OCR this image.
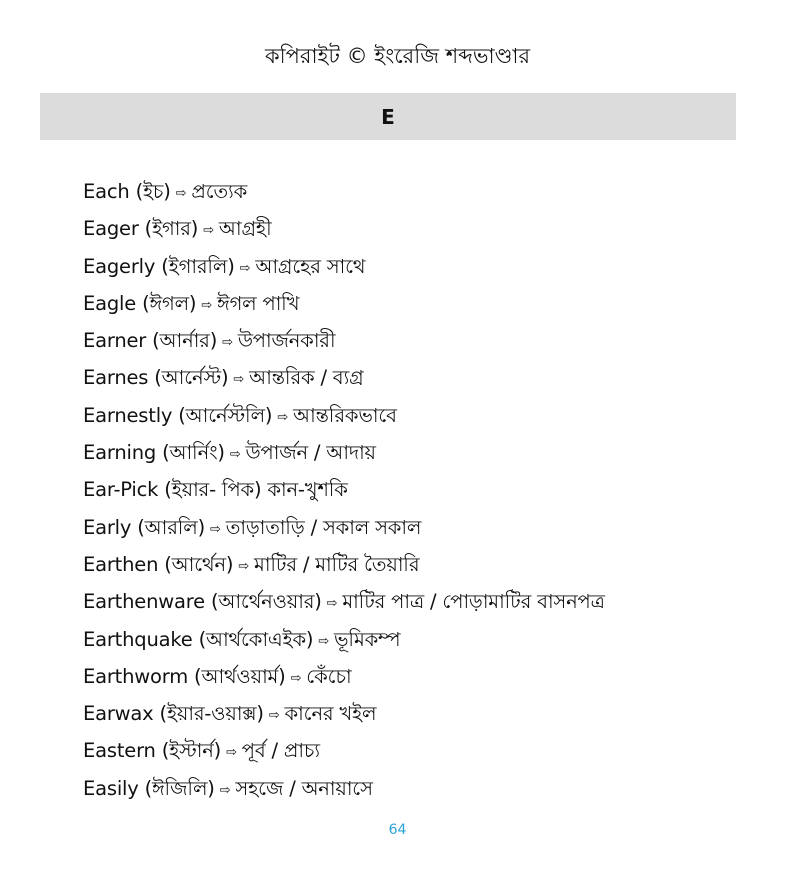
কপিরাইট © ইংরেজি শব্দভাণ্ডার
E
Each (ইচ) ⇨ প্রত্যেক
Eager (ইগার) ⇨ আগ্রহী
Eagerly (ইগারলি) ⇨ আগ্রহের সাথে
Eagle (ঈগল) ⇨ ঈগল পাখি
Earner (আর্নার) ⇨ উপার্জনকারী
Earnes (আর্নেস্ট) ⇨ আন্তরিক / ব্যগ্র
Earnestly (আর্নেস্টলি) ⇨ আন্তরিকভাবে
Earning (আর্নিং) ⇨ উপার্জন / আদায়
Ear-Pick (ইয়ার- পিক) কান-খুশকি
Early (আরলি) ⇨ তাড়াতাড়ি / সকাল সকাল
Earthen (আর্থেন) ⇨ মাটির / মাটির তৈয়ারি
Earthenware (আর্থেনওয়ার) ⇨ মাটির পাত্র / পোড়ামাটির বাসনপত্র
Earthquake (আর্থকোএইক) ⇨ ভূমিকম্প
Earthworm (আর্থওয়ার্ম) ⇨ কেঁচো
Earwax (ইয়ার-ওয়াক্স) ⇨ কানের খইল
Eastern (ইস্টার্ন) ⇨ পূর্ব / প্রাচ্য
Easily (ঈজিলি) ⇨ সহজে / অনায়াসে
64
